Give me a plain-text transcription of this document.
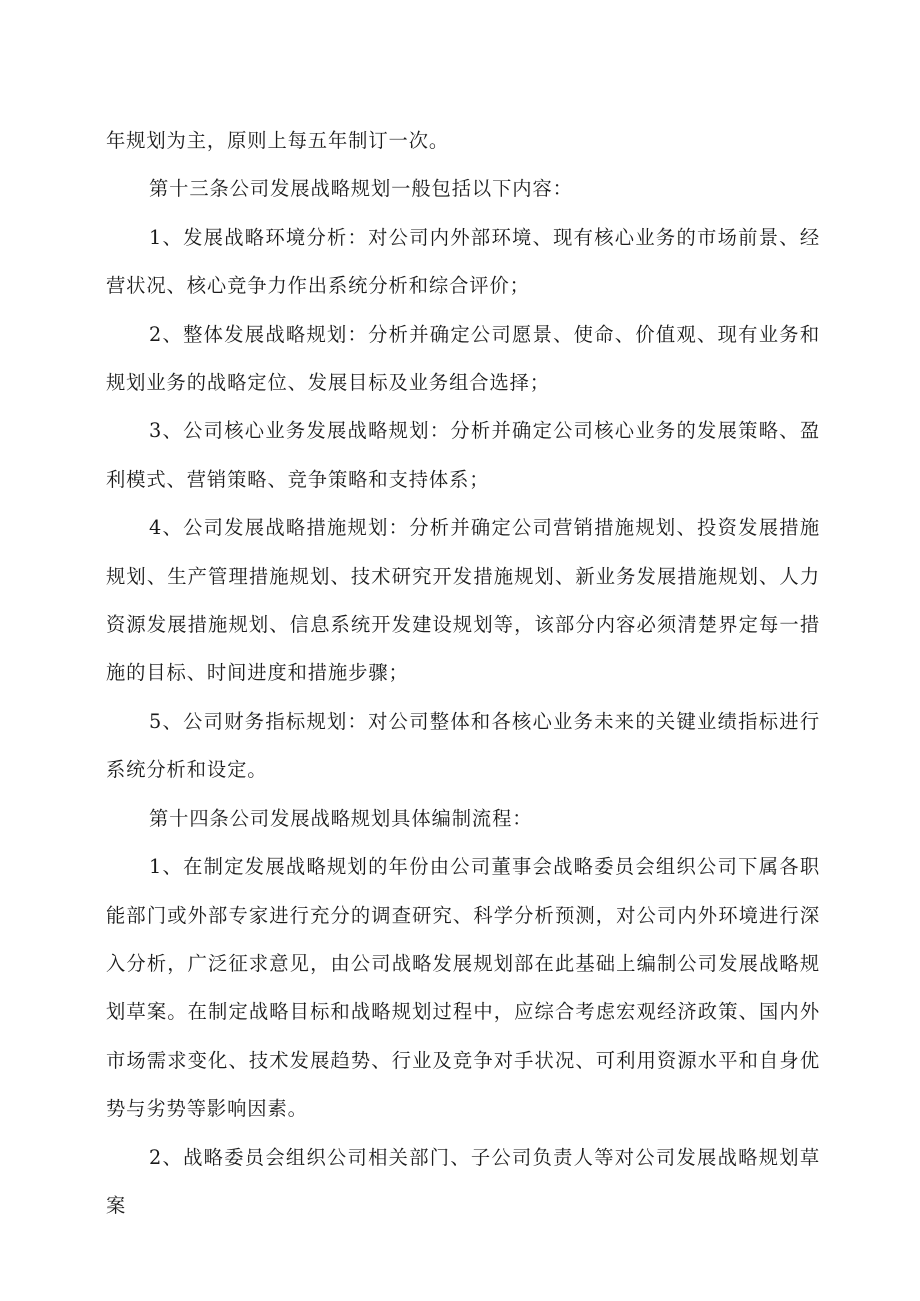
年规划为主，原则上每五年制订一次。

第十三条公司发展战略规划一般包括以下内容：

1、发展战略环境分析：对公司内外部环境、现有核心业务的市场前景、经营状况、核心竞争力作出系统分析和综合评价；

2、整体发展战略规划：分析并确定公司愿景、使命、价值观、现有业务和规划业务的战略定位、发展目标及业务组合选择；

3、公司核心业务发展战略规划：分析并确定公司核心业务的发展策略、盈利模式、营销策略、竞争策略和支持体系；

4、公司发展战略措施规划：分析并确定公司营销措施规划、投资发展措施规划、生产管理措施规划、技术研究开发措施规划、新业务发展措施规划、人力资源发展措施规划、信息系统开发建设规划等，该部分内容必须清楚界定每一措施的目标、时间进度和措施步骤；

5、公司财务指标规划：对公司整体和各核心业务未来的关键业绩指标进行系统分析和设定。

第十四条公司发展战略规划具体编制流程：

1、在制定发展战略规划的年份由公司董事会战略委员会组织公司下属各职能部门或外部专家进行充分的调查研究、科学分析预测，对公司内外环境进行深入分析，广泛征求意见，由公司战略发展规划部在此基础上编制公司发展战略规划草案。在制定战略目标和战略规划过程中，应综合考虑宏观经济政策、国内外市场需求变化、技术发展趋势、行业及竞争对手状况、可利用资源水平和自身优势与劣势等影响因素。

2、战略委员会组织公司相关部门、子公司负责人等对公司发展战略规划草案
